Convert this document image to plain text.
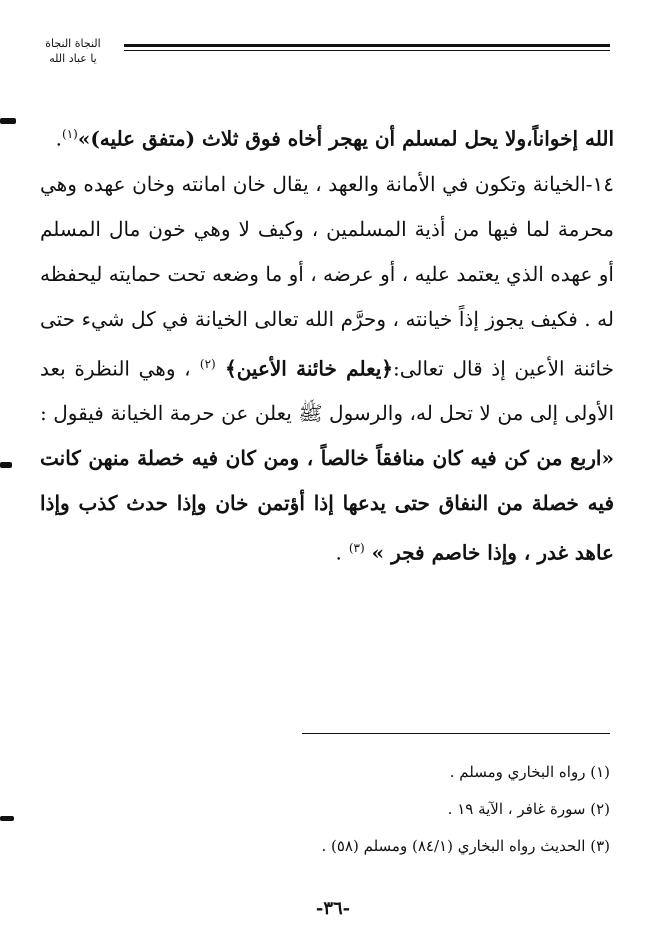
النجاة النجاة
يا عباد الله

الله إخواناً،ولا يحل لمسلم أن يهجر أخاه فوق ثلاث (متفق عليه)»$^{(١)}$.

١٤-الخيانة وتكون في الأمانة والعهد ، يقال خان امانته وخان عهده وهي محرمة لما فيها من أذية المسلمين ، وكيف لا وهي خون مال المسلم أو عهده الذي يعتمد عليه ، أو عرضه ، أو ما وضعه تحت حمايته ليحفظه له . فكيف يجوز إذاً خيانته ، وحرَّم الله تعالى الخيانة في كل شيء حتى خائنة الأعين إذ قال تعالى:﴿يعلم خائنة الأعين﴾ $^{(٢)}$ ، وهي النظرة بعد الأولى إلى من لا تحل له، والرسول ﷺ يعلن عن حرمة الخيانة فيقول : «اربع من كن فيه كان منافقاً خالصاً ، ومن كان فيه خصلة منهن كانت فيه خصلة من النفاق حتى يدعها إذا أؤتمن خان وإذا حدث كذب وإذا عاهد غدر ، وإذا خاصم فجر » $^{(٣)}$ .

(١) رواه البخاري ومسلم .
(٢) سورة غافر ، الآية ١٩ .
(٣) الحديث رواه البخاري (٨٤/١) ومسلم (٥٨) .
-٣٦-
